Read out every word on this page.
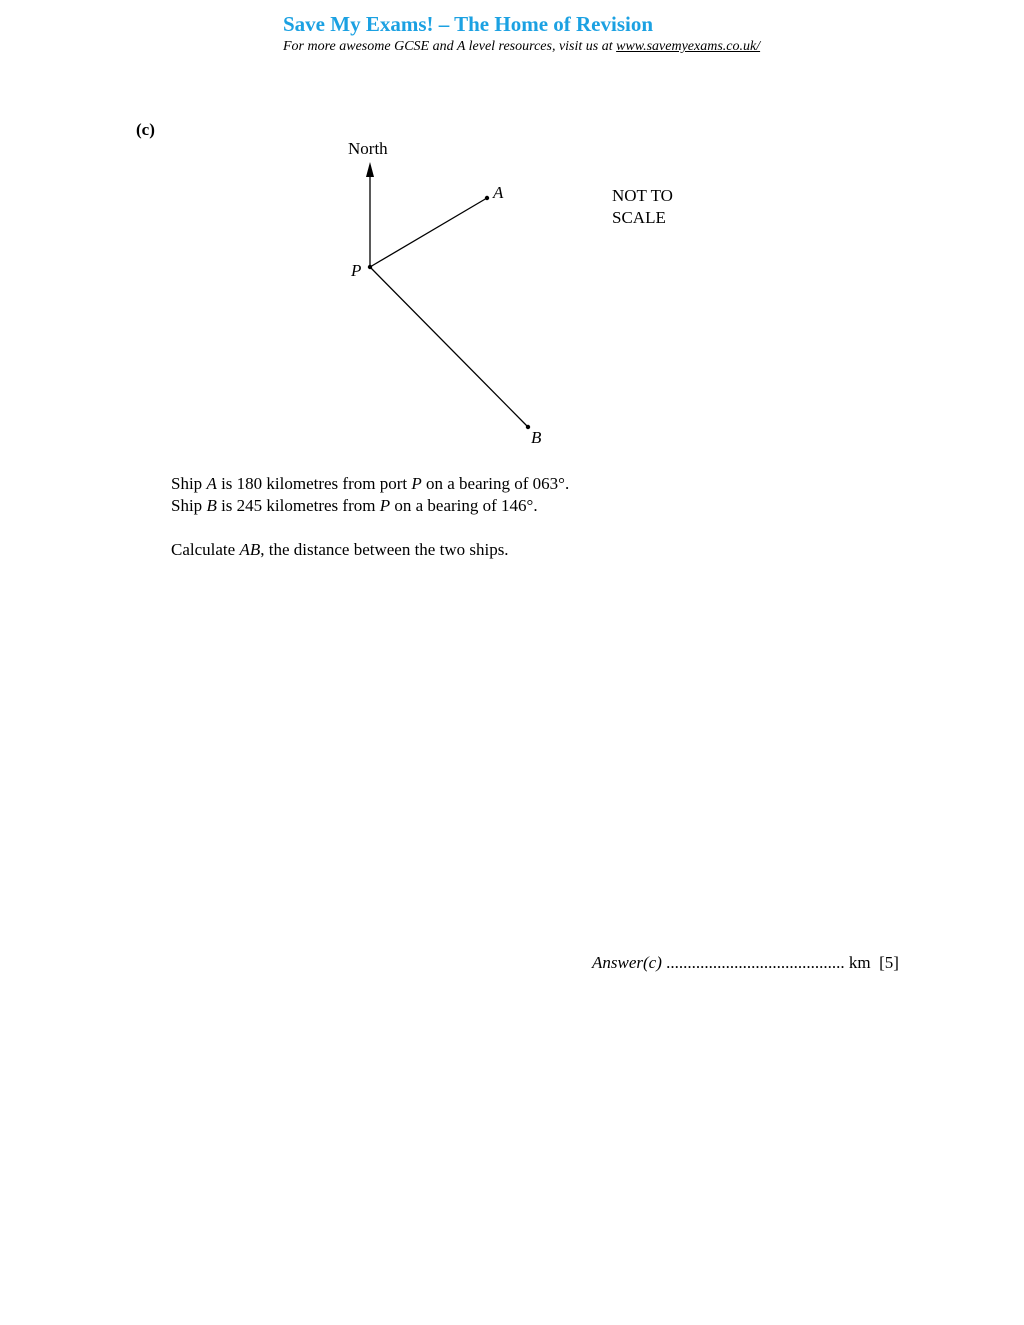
Save My Exams! – The Home of Revision
For more awesome GCSE and A level resources, visit us at www.savemyexams.co.uk/
(c)
North
A
P
B
NOT TO
SCALE
Ship A is 180 kilometres from port P on a bearing of 063°.
Ship B is 245 kilometres from P on a bearing of 146°.
Calculate AB, the distance between the two ships.
Answer(c) .......................................... km [5]
